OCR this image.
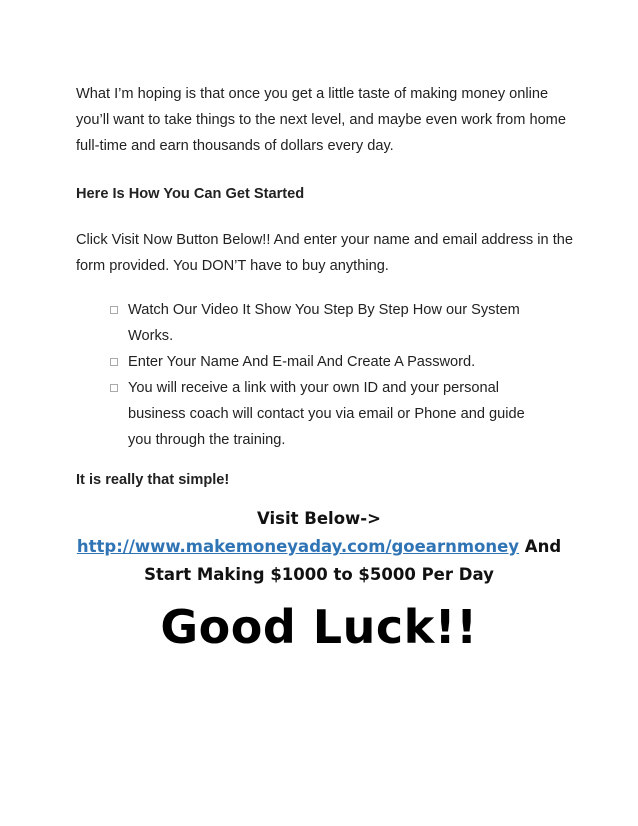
What I’m hoping is that once you get a little taste of making money online you’ll want to take things to the next level, and maybe even work from home full-time and earn thousands of dollars every day.

Here Is How You Can Get Started

Click Visit Now Button Below!! And enter your name and email address in the form provided. You DON’T have to buy anything.

Watch Our Video It Show You Step By Step How our System Works.
Enter Your Name And E-mail And Create A Password.
You will receive a link with your own ID and your personal business coach will contact you via email or Phone and guide you through the training.

It is really that simple!

Visit Below->
http://www.makemoneyaday.com/goearnmoney And
Start Making $1000 to $5000 Per Day
Good Luck!!
